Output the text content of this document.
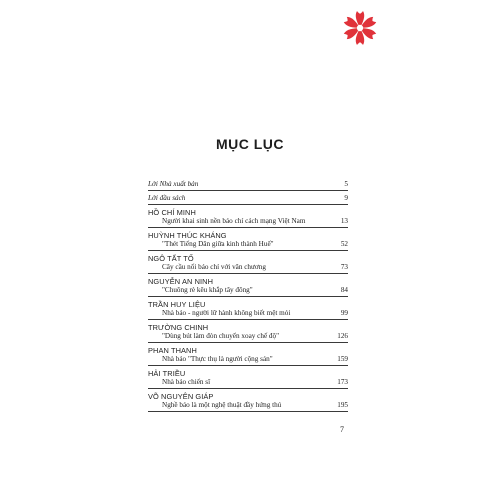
MỤC LỤC
Lời Nhà xuất bản	5
Lời đầu sách	9
HỒ CHÍ MINH
Người khai sinh nền báo chí cách mạng Việt Nam	13
HUỲNH THÚC KHÁNG
"Thét Tiếng Dân giữa kinh thành Huế"	52
NGÔ TẤT TỐ
Cây cầu nối báo chí với văn chương	73
NGUYỄN AN NINH
"Chuông rè kêu khắp tây đông"	84
TRẦN HUY LIỆU
Nhà báo - người lữ hành không biết mệt mỏi	99
TRƯỜNG CHINH
"Dùng bút làm đòn chuyển xoay chế độ"	126
PHAN THANH
Nhà báo "Thực thụ là người cộng sản"	159
HẢI TRIỀU
Nhà báo chiến sĩ	173
VÕ NGUYÊN GIÁP
Nghề báo là một nghệ thuật đầy hứng thú	195
7
